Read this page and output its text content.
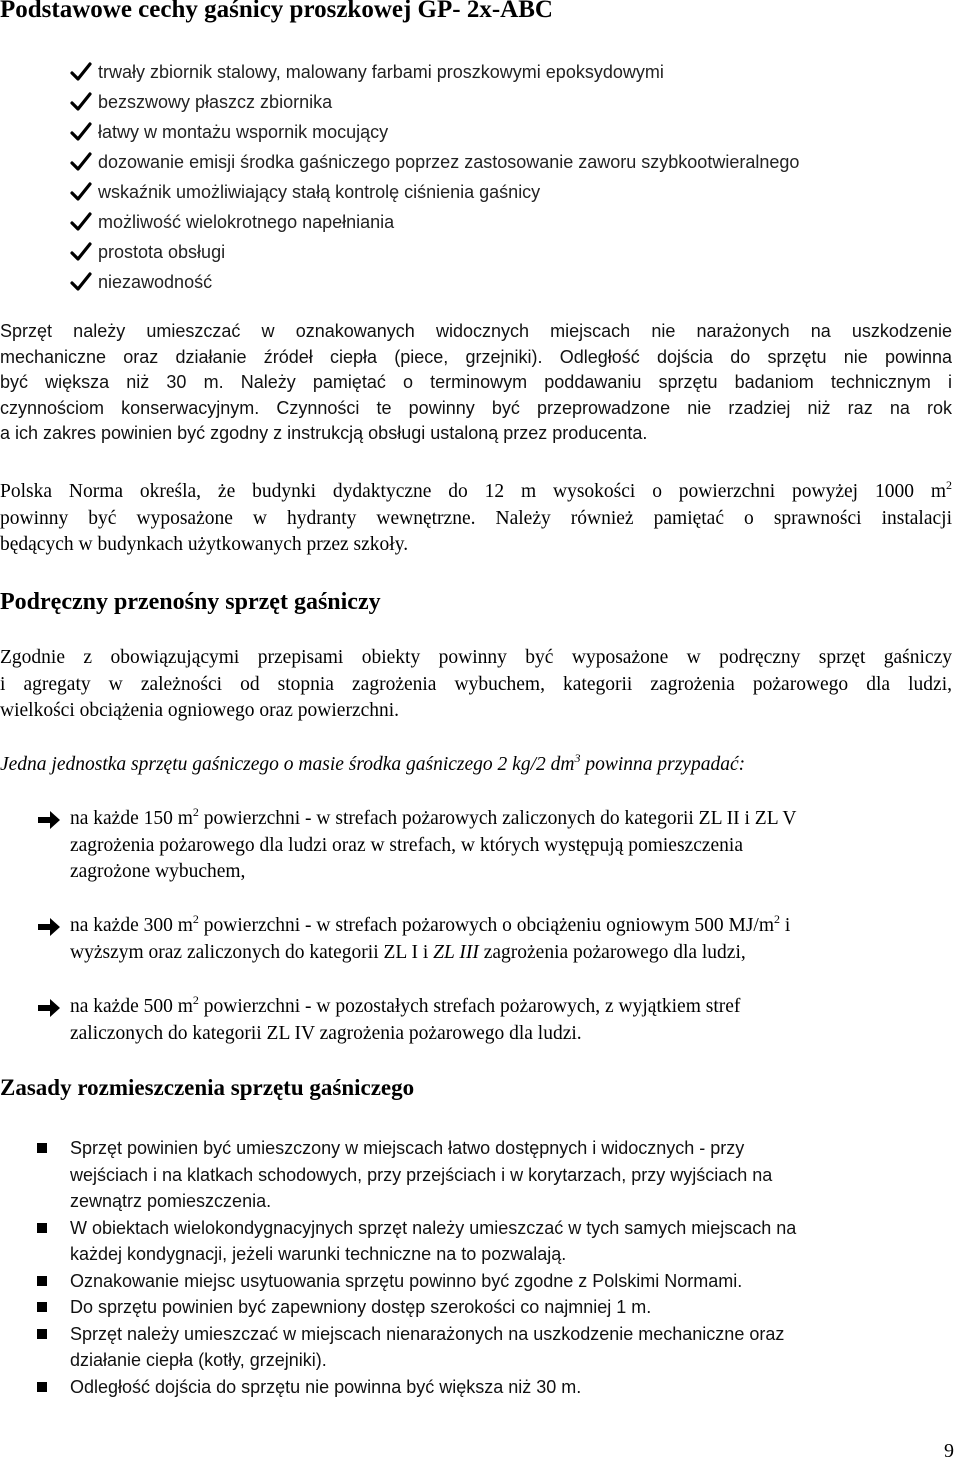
Podstawowe cechy gaśnicy proszkowej GP- 2x-ABC
trwały zbiornik stalowy, malowany farbami proszkowymi epoksydowymi
bezszwowy płaszcz zbiornika
łatwy w montażu wspornik mocujący
dozowanie emisji środka gaśniczego poprzez zastosowanie zaworu szybkootwieralnego
wskaźnik umożliwiający stałą kontrolę ciśnienia gaśnicy
możliwość wielokrotnego napełniania
prostota obsługi
niezawodność

Sprzęt należy umieszczać w oznakowanych widocznych miejscach nie narażonych na uszkodzenie
mechaniczne oraz działanie źródeł ciepła (piece, grzejniki). Odległość dojścia do sprzętu nie powinna
być większa niż 30 m. Należy pamiętać o terminowym poddawaniu sprzętu badaniom technicznym i
czynnościom konserwacyjnym. Czynności te powinny być przeprowadzone nie rzadziej niż raz na rok
a ich zakres powinien być zgodny z instrukcją obsługi ustaloną przez producenta.

Polska Norma określa, że budynki dydaktyczne do 12 m wysokości o powierzchni powyżej 1000 $m^2$
powinny być wyposażone w hydranty wewnętrzne. Należy również pamiętać o sprawności instalacji
będących w budynkach użytkowanych przez szkoły.

Podręczny przenośny sprzęt gaśniczy

Zgodnie z obowiązującymi przepisami obiekty powinny być wyposażone w podręczny sprzęt gaśniczy
i agregaty w zależności od stopnia zagrożenia wybuchem, kategorii zagrożenia pożarowego dla ludzi,
wielkości obciążenia ogniowego oraz powierzchni.

Jedna jednostka sprzętu gaśniczego o masie środka gaśniczego 2 kg/2 $dm^3$ powinna przypadać:
na każde 150 $m^2$ powierzchni - w strefach pożarowych zaliczonych do kategorii ZL II i ZL V
zagrożenia pożarowego dla ludzi oraz w strefach, w których występują pomieszczenia
zagrożone wybuchem,
na każde 300 $m^2$ powierzchni - w strefach pożarowych o obciążeniu ogniowym 500 $MJ/m^2$ i
wyższym oraz zaliczonych do kategorii ZL I i ZL III zagrożenia pożarowego dla ludzi,
na każde 500 $m^2$ powierzchni - w pozostałych strefach pożarowych, z wyjątkiem stref
zaliczonych do kategorii ZL IV zagrożenia pożarowego dla ludzi.
Zasady rozmieszczenia sprzętu gaśniczego
Sprzęt powinien być umieszczony w miejscach łatwo dostępnych i widocznych - przy
wejściach i na klatkach schodowych, przy przejściach i w korytarzach, przy wyjściach na
zewnątrz pomieszczenia.
W obiektach wielokondygnacyjnych sprzęt należy umieszczać w tych samych miejscach na
każdej kondygnacji, jeżeli warunki techniczne na to pozwalają.
Oznakowanie miejsc usytuowania sprzętu powinno być zgodne z Polskimi Normami.
Do sprzętu powinien być zapewniony dostęp szerokości co najmniej 1 m.
Sprzęt należy umieszczać w miejscach nienarażonych na uszkodzenie mechaniczne oraz
działanie ciepła (kotły, grzejniki).
Odległość dojścia do sprzętu nie powinna być większa niż 30 m.
9
